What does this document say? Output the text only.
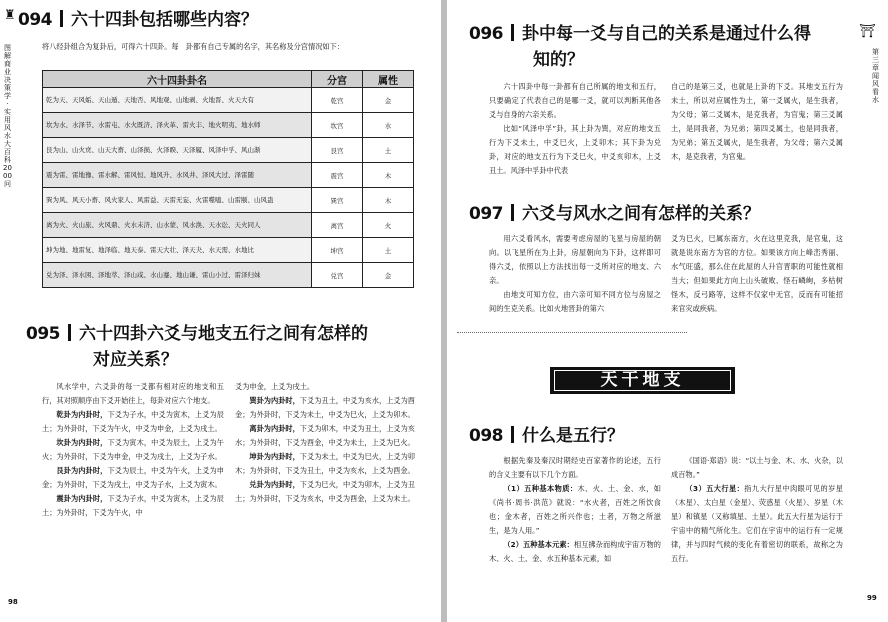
图解商业决策学·实用风水大百科2000问
♜ 094 六十四卦包括哪些内容？

将八经卦组合为复卦后，可得六十四卦。每　卦都有自己专属的名字，其名称及分宫情况如下：

六十四卦卦名	分宫	属性
乾为天、天风姤、天山遁、天地否、风地观、山地剥、火地晋、火天大有	乾宫	金
坎为水、水泽节、水雷屯、水火既济、泽火革、雷火丰、地火明夷、地水师	坎宫	水
艮为山、山火贲、山天大畜、山泽损、火泽睽、天泽履、风泽中孚、风山渐	艮宫	土
震为雷、雷地豫、雷水解、雷风恒、地风升、水风井、泽风大过、泽雷随	震宫	木
巽为风、风天小畜、风火家人、风雷益、天雷无妄、火雷噬嗑、山雷颐、山风蛊	巽宫	木
离为火、火山旅、火风鼎、火水未济、山水蒙、风水涣、天水讼、天火同人	离宫	火
坤为地、地雷复、地泽临、地天泰、雷天大壮、泽天夬、水天需、水地比	坤宫	土
兑为泽、泽水困、泽地萃、泽山咸、水山蹇、地山谦、雷山小过、雷泽归妹	兑宫	金
095 六十四卦六爻与地支五行之间有怎样的
对应关系？

风水学中，六爻卦的每一爻都有相对应的地支和五行，其对照顺序由下爻开始往上，每卦对应六个地支。

乾卦为内卦时，下爻为子水，中爻为寅木，上爻为辰土；为外卦时，下爻为午火，中爻为申金，上爻为戌土。

坎卦为内卦时，下爻为寅木，中爻为辰土，上爻为午火；为外卦时，下爻为申金，中爻为戌土，上爻为子水。

艮卦为内卦时，下爻为辰土，中爻为午火，上爻为申金；为外卦时，下爻为戌土，中爻为子水，上爻为寅木。

震卦为内卦时，下爻为子水，中爻为寅木，上爻为辰土；为外卦时，下爻为午火，中

爻为申金，上爻为戌土。

巽卦为内卦时，下爻为丑土，中爻为亥水，上爻为酉金；为外卦时，下爻为未土，中爻为巳火，上爻为卯木。

离卦为内卦时，下爻为卯木，中爻为丑土，上爻为亥水；为外卦时，下爻为酉金，中爻为未土，上爻为巳火。

坤卦为内卦时，下爻为未土，中爻为巳火，上爻为卯木；为外卦时，下爻为丑土，中爻为亥水，上爻为酉金。

兑卦为内卦时，下爻为巳火，中爻为卯木，上爻为丑土；为外卦时，下爻为亥水，中爻为酉金，上爻为未土。

98
⛩
第三章　闻风看水
096 卦中每一爻与自己的关系是通过什么得
知的？

六十四卦中每一卦都有自己所属的地支和五行，只要确定了代表自己的是哪一爻，就可以判断其他各爻与自身的六亲关系。

比如“风泽中孚”卦，其上卦为巽，对应的地支五行为下爻未土，中爻巳火，上爻卯木；其下卦为兑卦，对应的地支五行为下爻巳火，中爻亥卯木，上爻丑土。风泽中孚卦中代表

自己的是第三爻，也就是上卦的下爻。其地支五行为未土，所以对应属性为土，第一爻属火，是生我者，为父母；第二爻属木，是克我者，为官鬼；第三爻属土，是同我者，为兄弟；第四爻属土，也是同我者，为兄弟；第五爻属火，是生我者，为父母；第六爻属木，是克我者，为官鬼。

097 六爻与风水之间有怎样的关系？

用六爻看风水，需要考虑房屋的飞星与房屋的朝向。以飞星所在为上卦，房屋朝向为下卦，这样即可得六爻，依照以上方法找出每一爻所对应的地支、六亲。

由地支可知方位，由六亲可知不同方位与房屋之间的生克关系。比如火地晋卦的第六

爻为巳火，巳属东南方，火在这里克我，是官鬼，这就是说东南方为官的方位。如果该方向上峰峦秀丽、水气旺盛，那么住在此屋的人升官晋职的可能性就相当大；但如果此方向上山头破败、怪石嶙峋，多枯树怪木，反弓路等，这样不仅家中无官，反而有可能招来官灾或疾病。

天干地支
098 什么是五行？

根据先秦及秦汉时期经史百家著作的论述，五行的含义主要有以下几个方面。

（1）五种基本物质：木、火、土、金、水，如《尚书·周书·洪范》就说：“水火者，百姓之所饮食也；金木者，百姓之所兴作也；土者，万物之所滋生，是为人用。”

（2）五种基本元素：相互拂杂而构成宇宙万物的木、火、土、金、水五种基本元素，如

《国语·郑语》说：“以土与金、木、水、火杂，以成百物。”

（3）五大行星：指九大行星中肉眼可见的岁星（木星）、太白星（金星）、荧惑星（火星）、岁星（木星）和镇星（又称填星、土星）。此五大行星为运行于宇宙中的精气所化生。它们在宇宙中的运行有一定规律，并与四时气候的变化有着密切的联系，故称之为五行。

99
